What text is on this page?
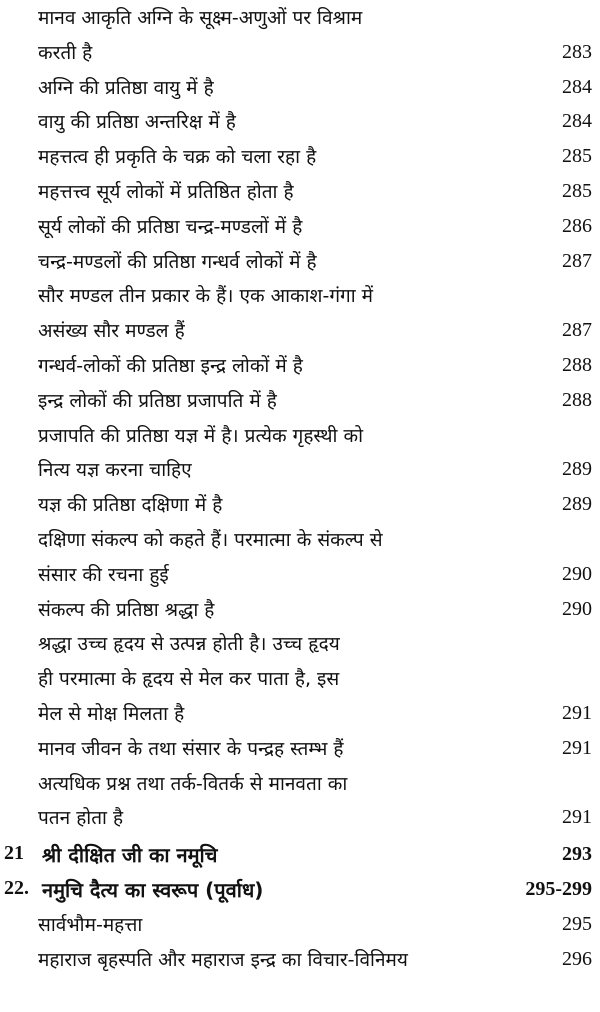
मानव आकृति अग्नि के सूक्ष्म-अणुओं पर विश्राम
करती है	283
अग्नि की प्रतिष्ठा वायु में है	284
वायु की प्रतिष्ठा अन्तरिक्ष में है	284
महत्तत्व ही प्रकृति के चक्र को चला रहा है	285
महत्तत्त्व सूर्य लोकों में प्रतिष्ठित होता है	285
सूर्य लोकों की प्रतिष्ठा चन्द्र-मण्डलों में है	286
चन्द्र-मण्डलों की प्रतिष्ठा गन्धर्व लोकों में है	287
सौर मण्डल तीन प्रकार के हैं। एक आकाश-गंगा में
असंख्य सौर मण्डल हैं	287
गन्धर्व-लोकों की प्रतिष्ठा इन्द्र लोकों में है	288
इन्द्र लोकों की प्रतिष्ठा प्रजापति में है	288
प्रजापति की प्रतिष्ठा यज्ञ में है। प्रत्येक गृहस्थी को
नित्य यज्ञ करना चाहिए	289
यज्ञ की प्रतिष्ठा दक्षिणा में है	289
दक्षिणा संकल्प को कहते हैं। परमात्मा के संकल्प से
संसार की रचना हुई	290
संकल्प की प्रतिष्ठा श्रद्धा है	290
श्रद्धा उच्च हृदय से उत्पन्न होती है। उच्च हृदय
ही परमात्मा के हृदय से मेल कर पाता है, इस
मेल से मोक्ष मिलता है	291
मानव जीवन के तथा संसार के पन्द्रह स्तम्भ हैं	291
अत्यधिक प्रश्न तथा तर्क-वितर्क से मानवता का
पतन होता है	291
21 श्री दीक्षित जी का नमूचि	293
22. नमुचि दैत्य का स्वरूप (पूर्वाध)	295-299
सार्वभौम-महत्ता	295
महाराज बृहस्पति और महाराज इन्द्र का विचार-विनिमय	296
